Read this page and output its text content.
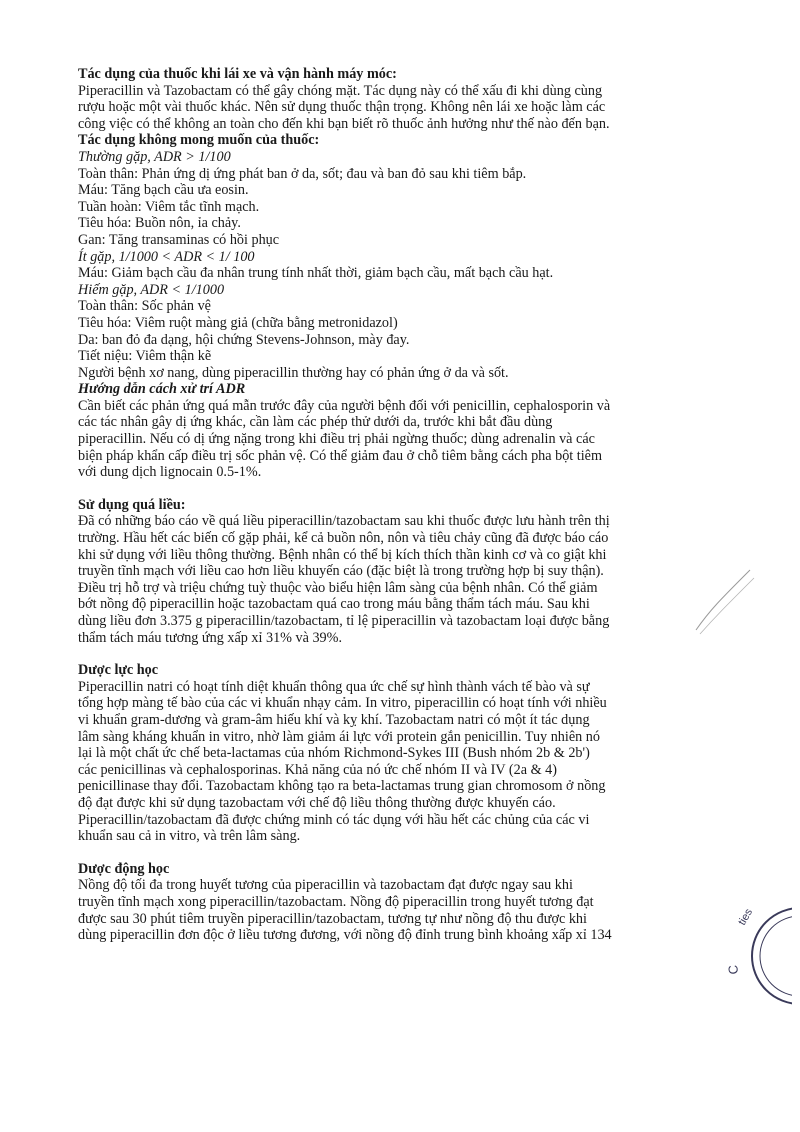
Tác dụng của thuốc khi lái xe và vận hành máy móc:
Piperacillin và Tazobactam có thể gây chóng mặt. Tác dụng này có thể xấu đi khi dùng cùng
rượu hoặc một vài thuốc khác. Nên sử dụng thuốc thận trọng. Không nên lái xe hoặc làm các
công việc có thể không an toàn cho đến khi bạn biết rõ thuốc ảnh hưởng như thế nào đến bạn.
Tác dụng không mong muốn của thuốc:
Thường gặp, ADR > 1/100
Toàn thân: Phản ứng dị ứng phát ban ở da, sốt; đau và ban đỏ sau khi tiêm bắp.
Máu: Tăng bạch cầu ưa eosin.
Tuần hoàn: Viêm tắc tĩnh mạch.
Tiêu hóa: Buồn nôn, ỉa chảy.
Gan: Tăng transaminas có hồi phục
Ít gặp, 1/1000 < ADR < 1/ 100
Máu: Giảm bạch cầu đa nhân trung tính nhất thời, giảm bạch cầu, mất bạch cầu hạt.
Hiếm gặp, ADR < 1/1000
Toàn thân: Sốc phản vệ
Tiêu hóa: Viêm ruột màng giả (chữa bằng metronidazol)
Da: ban đỏ đa dạng, hội chứng Stevens-Johnson, mày đay.
Tiết niệu: Viêm thận kẽ
Người bệnh xơ nang, dùng piperacillin thường hay có phản ứng ở da và sốt.
Hướng dẫn cách xử trí ADR
Cần biết các phản ứng quá mẫn trước đây của người bệnh đối với penicillin, cephalosporin và
các tác nhân gây dị ứng khác, cần làm các phép thử dưới da, trước khi bắt đầu dùng
piperacillin. Nếu có dị ứng nặng trong khi điều trị phải ngừng thuốc; dùng adrenalin và các
biện pháp khẩn cấp điều trị sốc phản vệ. Có thể giảm đau ở chỗ tiêm bằng cách pha bột tiêm
với dung dịch lignocain 0.5-1%.
Sử dụng quá liều:
Đã có những báo cáo về quá liều piperacillin/tazobactam sau khi thuốc được lưu hành trên thị
trường. Hầu hết các biến cố gặp phải, kể cả buồn nôn, nôn và tiêu chảy cũng đã được báo cáo
khi sử dụng với liều thông thường. Bệnh nhân có thể bị kích thích thần kinh cơ và co giật khi
truyền tĩnh mạch với liều cao hơn liều khuyến cáo (đặc biệt là trong trường hợp bị suy thận).
Điều trị hỗ trợ và triệu chứng tuỳ thuộc vào biểu hiện lâm sàng của bệnh nhân. Có thể giảm
bớt nồng độ piperacillin hoặc tazobactam quá cao trong máu bằng thẩm tách máu. Sau khi
dùng liều đơn 3.375 g piperacillin/tazobactam, tỉ lệ piperacillin và tazobactam loại được bằng
thẩm tách máu tương ứng xấp xỉ 31% và 39%.
Dược lực học
Piperacillin natri có hoạt tính diệt khuẩn thông qua ức chế sự hình thành vách tế bào và sự
tổng hợp màng tế bào của các vi khuẩn nhạy cảm. In vitro, piperacillin có hoạt tính với nhiều
vi khuẩn gram-dương và gram-âm hiếu khí và kỵ khí. Tazobactam natri có một ít tác dụng
lâm sàng kháng khuẩn in vitro, nhờ làm giảm ái lực với protein gắn penicillin. Tuy nhiên nó
lại là một chất ức chế beta-lactamas của nhóm Richmond-Sykes III (Bush nhóm 2b & 2b')
các penicillinas và cephalosporinas. Khả năng của nó ức chế nhóm II và IV (2a & 4)
penicillinase thay đổi. Tazobactam không tạo ra beta-lactamas trung gian chromosom ở nồng
độ đạt được khi sử dụng tazobactam với chế độ liều thông thường được khuyến cáo.
Piperacillin/tazobactam đã được chứng minh có tác dụng với hầu hết các chủng của các vi
khuẩn sau cả in vitro, và trên lâm sàng.
Dược động học
Nồng độ tối đa trong huyết tương của piperacillin và tazobactam đạt được ngay sau khi
truyền tĩnh mạch xong piperacillin/tazobactam. Nồng độ piperacillin trong huyết tương đạt
được sau 30 phút tiêm truyền piperacillin/tazobactam, tương tự như nồng độ thu được khi
dùng piperacillin đơn độc ở liều tương đương, với nồng độ đỉnh trung bình khoảng xấp xỉ 134
ties
C
